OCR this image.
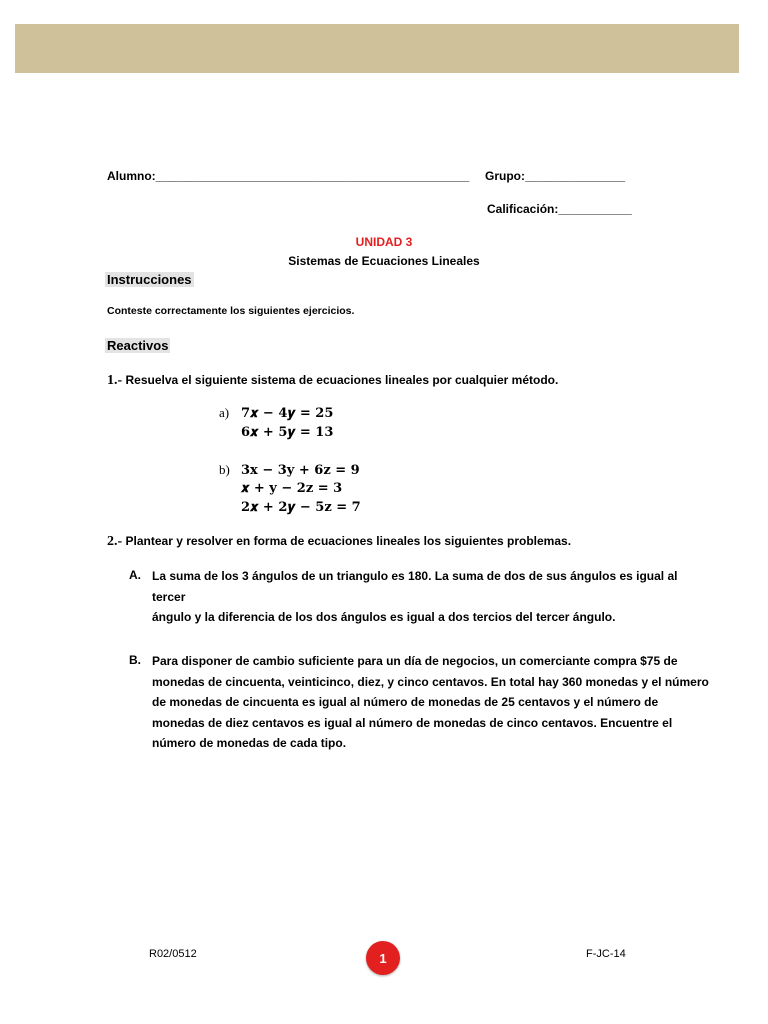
Alumno:_______________________________________________ Grupo:_______________
Calificación:___________
UNIDAD 3
Sistemas de Ecuaciones Lineales
Instrucciones
Conteste correctamente los siguientes ejercicios.
Reactivos
1.- Resuelva el siguiente sistema de ecuaciones lineales por cualquier método.
a) 7𝒙 − 4𝒚 = 25
6𝒙 + 5𝒚 = 13
b) 3x − 3y + 6z = 9
𝒙 + y − 2z = 3
2𝒙 + 2𝒚 − 5z = 7
2.- Plantear y resolver en forma de ecuaciones lineales los siguientes problemas.
A. La suma de los 3 ángulos de un triangulo es 180. La suma de dos de sus ángulos es igual al tercer
ángulo y la diferencia de los dos ángulos es igual a dos tercios del tercer ángulo.
B. Para disponer de cambio suficiente para un día de negocios, un comerciante compra $75 de
monedas de cincuenta, veinticinco, diez, y cinco centavos. En total hay 360 monedas y el número
de monedas de cincuenta es igual al número de monedas de 25 centavos y el número de
monedas de diez centavos es igual al número de monedas de cinco centavos. Encuentre el
número de monedas de cada tipo.
R02/0512	1	F-JC-14
